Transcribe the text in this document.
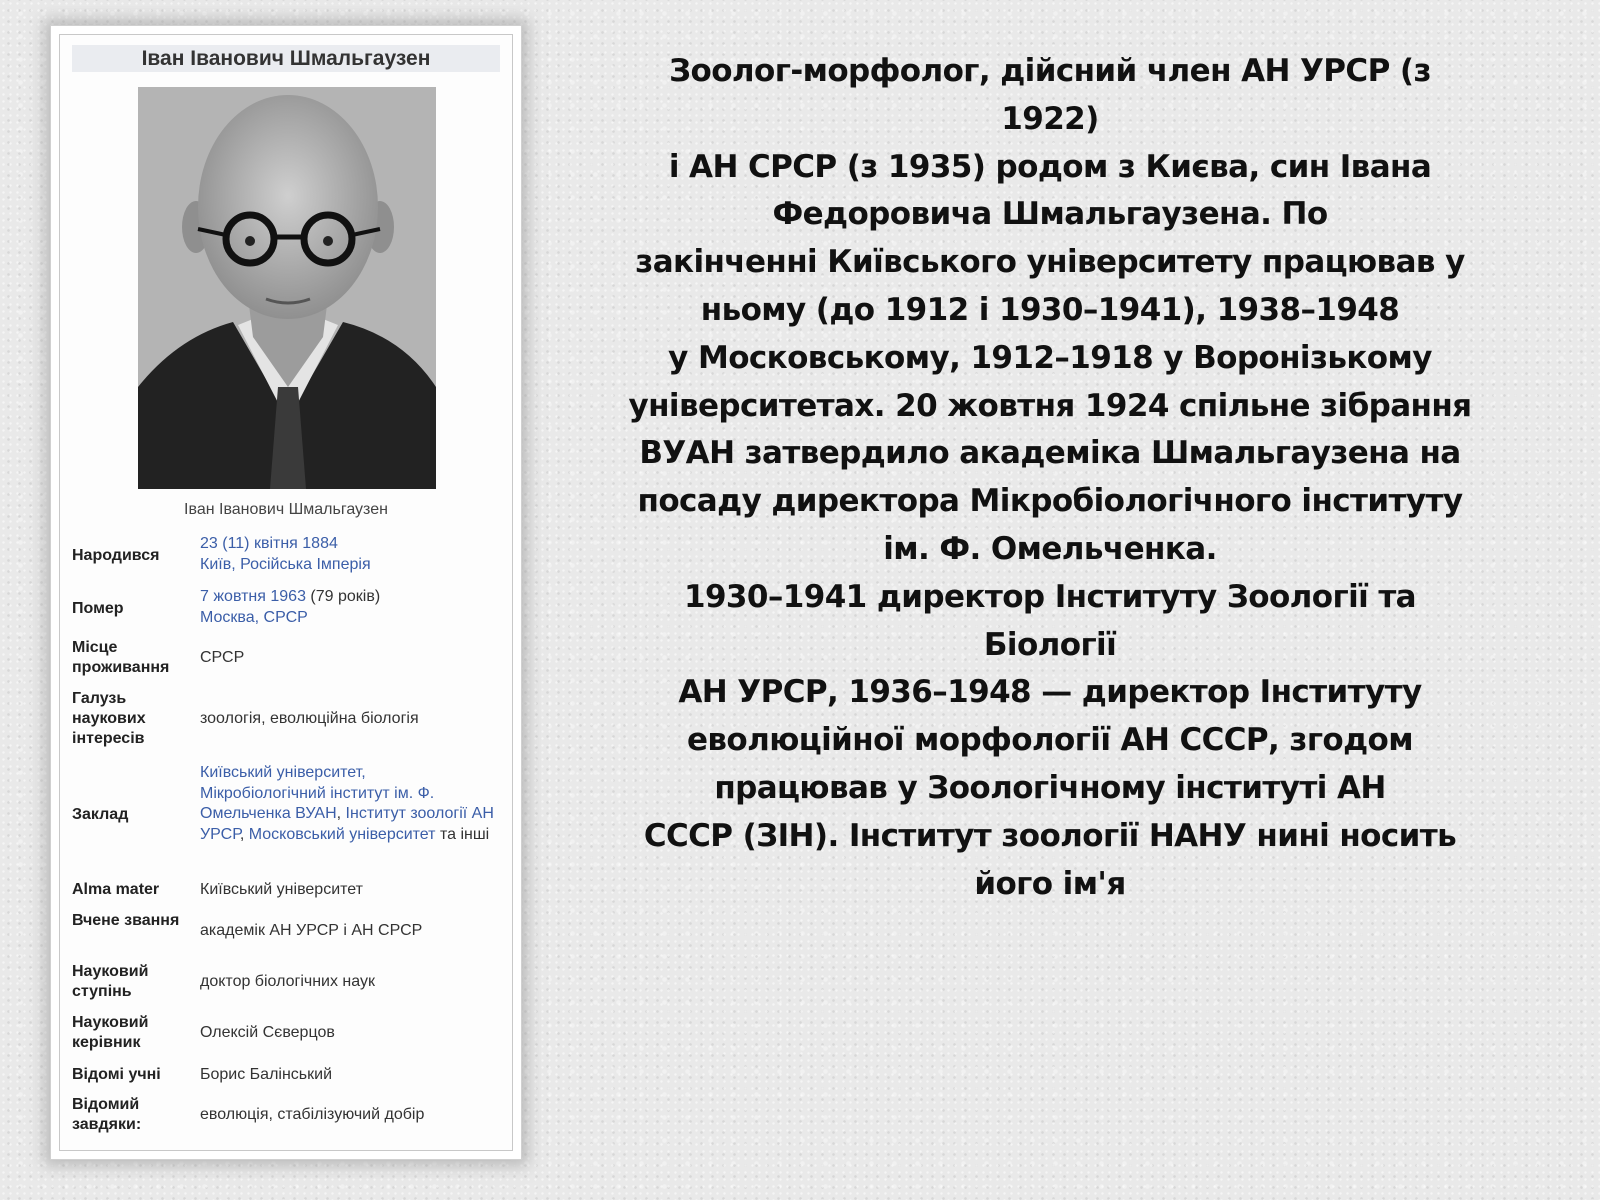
Іван Іванович Шмальгаузен
Іван Іванович Шмальгаузен
Народився
23 (11) квітня 1884
Київ, Російська Імперія
Помер
7 жовтня 1963 (79 років)
Москва, СРСР
Місце проживання
СРСР
Галузь наукових інтересів
зоологія, еволюційна біологія
Заклад
Київський університет,
Мікробіологічний інститут ім. Ф. Омельченка ВУАН, Інститут зоології АН УРСР, Московський університет та інші
Alma mater	Київський університет
Вчене звання
академік АН УРСР і АН СРСР
Науковий ступінь
доктор біологічних наук
Науковий керівник
Олексій Сєверцов
Відомі учні	Борис Балінський
Відомий завдяки:
еволюція, стабілізуючий добір
Зоолог-морфолог, дійсний член АН УРСР (з 1922)
і АН СРСР (з 1935) родом з Києва, син Івана
Федоровича Шмальгаузена. По
закінченні Київського університету працював у
ньому (до 1912 і 1930–1941), 1938–1948
у Московському, 1912–1918 у Воронізькому
університетах. 20 жовтня 1924 спільне зібрання
ВУАН затвердило академіка Шмальгаузена на
посаду директора Мікробіологічного інституту
ім. Ф. Омельченка.
1930–1941 директор Інституту Зоології та Біології
АН УРСР, 1936–1948 — директор Інституту
еволюційної морфології АН СССР, згодом
працював у Зоологічному інституті АН
СССР (ЗІН). Інститут зоології НАНУ нині носить
його ім'я
